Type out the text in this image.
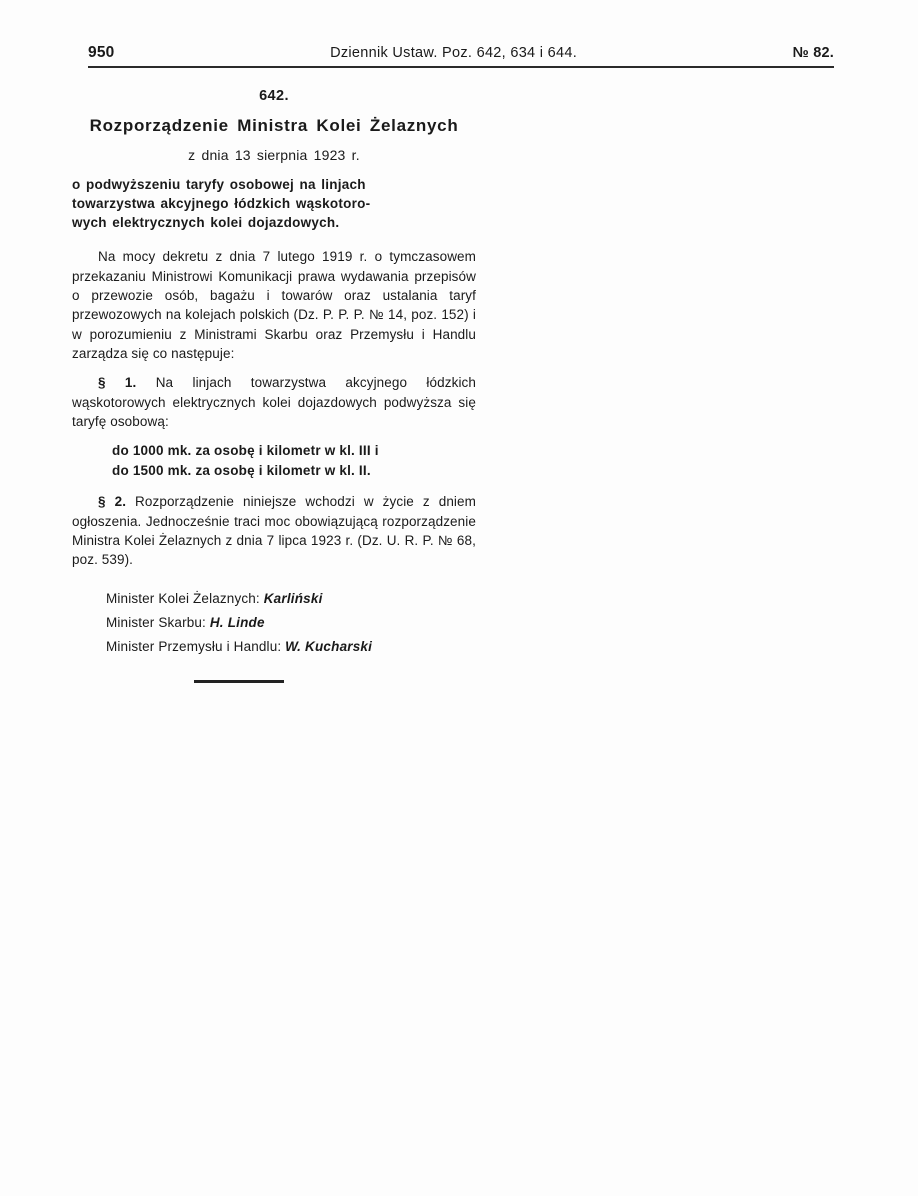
950	Dziennik Ustaw. Poz. 642, 634 i 644.	№ 82.
642.
Rozporządzenie Ministra Kolei Żelaznych
z dnia 13 sierpnia 1923 r.
o podwyższeniu taryfy osobowej na linjach
towarzystwa akcyjnego łódzkich wąskotoro-
wych elektrycznych kolei dojazdowych.

Na mocy dekretu z dnia 7 lutego 1919 r. o tymczasowem przekazaniu Ministrowi Komunikacji prawa wydawania przepisów o przewozie osób, bagażu i towarów oraz ustalania taryf przewozowych na kolejach polskich (Dz. P. P. P. № 14, poz. 152) i w porozumieniu z Ministrami Skarbu oraz Przemysłu i Handlu zarządza się co następuje:

§ 1. Na linjach towarzystwa akcyjnego łódzkich wąskotorowych elektrycznych kolei dojazdowych podwyższa się taryfę osobową:

do 1000 mk. za osobę i kilometr w kl. III i
do 1500 mk. za osobę i kilometr w kl. II.

§ 2. Rozporządzenie niniejsze wchodzi w życie z dniem ogłoszenia. Jednocześnie traci moc obowiązującą rozporządzenie Ministra Kolei Żelaznych z dnia 7 lipca 1923 r. (Dz. U. R. P. № 68, poz. 539).

Minister Kolei Żelaznych: Karliński
Minister Skarbu: H. Linde
Minister Przemysłu i Handlu: W. Kucharski
